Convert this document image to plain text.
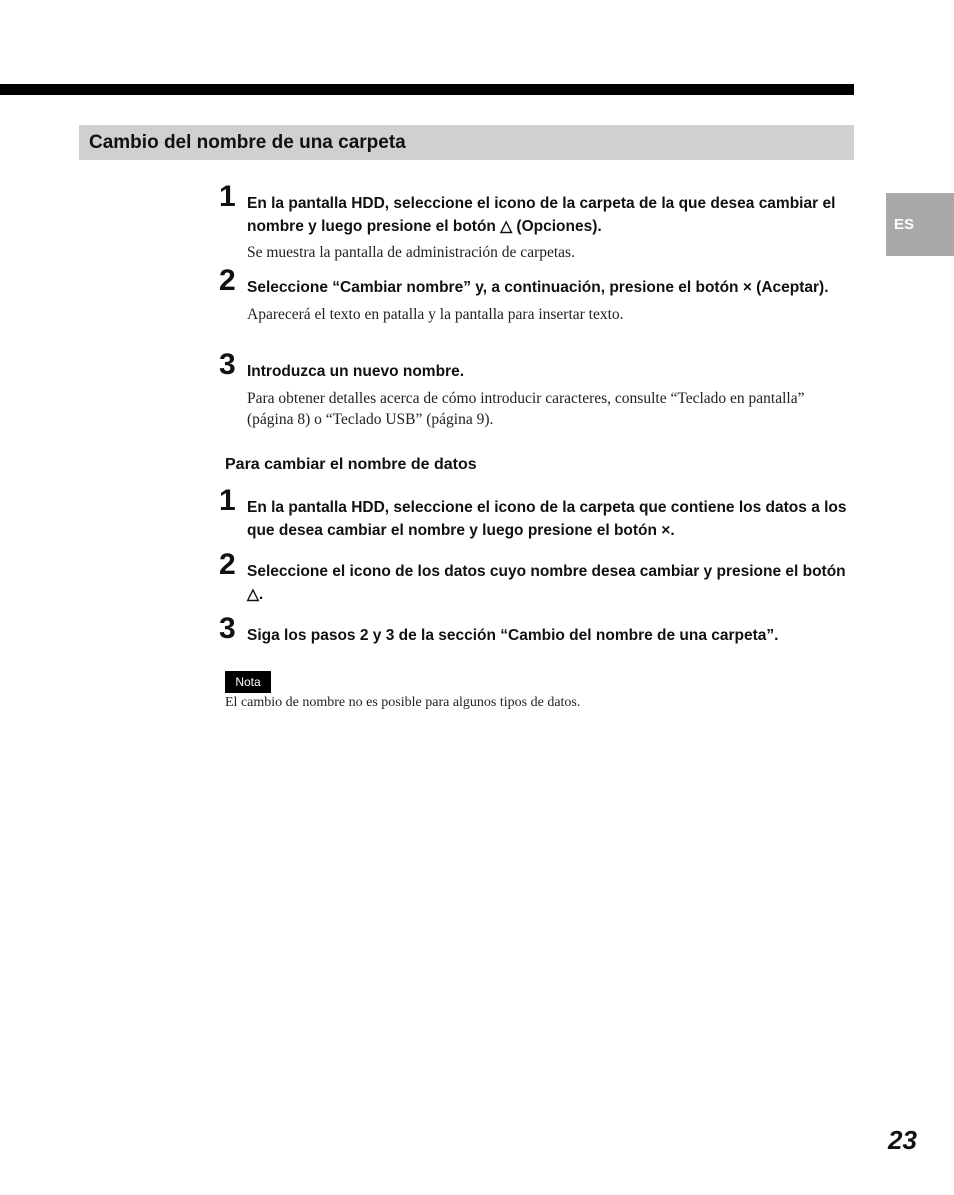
Cambio del nombre de una carpeta
ES
1 En la pantalla HDD, seleccione el icono de la carpeta de la que desea cambiar el nombre y luego presione el botón △ (Opciones).
Se muestra la pantalla de administración de carpetas.
2 Seleccione “Cambiar nombre” y, a continuación, presione el botón × (Aceptar).
Aparecerá el texto en patalla y la pantalla para insertar texto.
3 Introduzca un nuevo nombre.
Para obtener detalles acerca de cómo introducir caracteres, consulte “Teclado en pantalla” (página 8) o “Teclado USB” (página 9).
Para cambiar el nombre de datos
1 En la pantalla HDD, seleccione el icono de la carpeta que contiene los datos a los que desea cambiar el nombre y luego presione el botón ×.
2 Seleccione el icono de los datos cuyo nombre desea cambiar y presione el botón △.
3 Siga los pasos 2 y 3 de la sección “Cambio del nombre de una carpeta”.
Nota
El cambio de nombre no es posible para algunos tipos de datos.
23
